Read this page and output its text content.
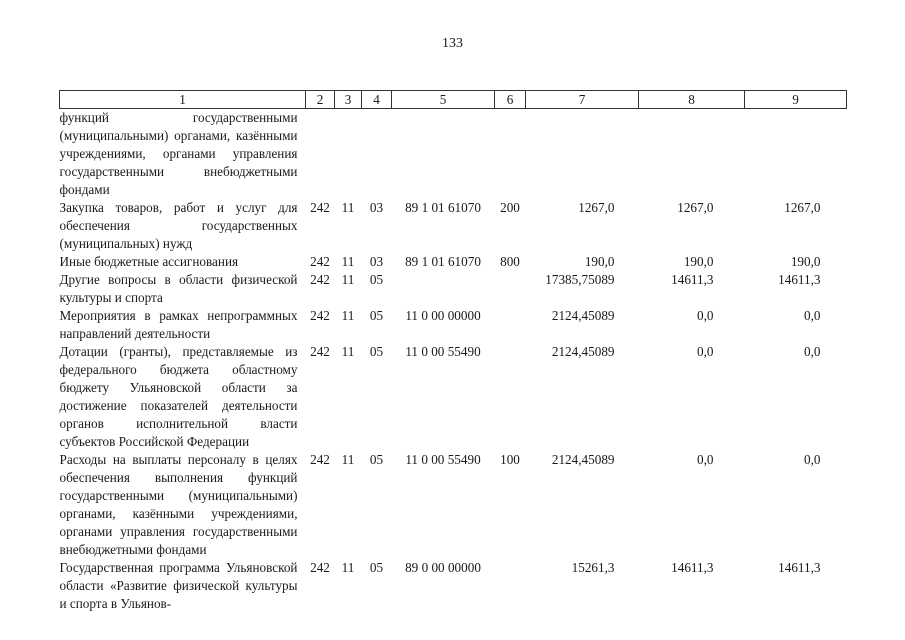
133
1	2	3	4	5	6	7	8	9
функций государственными (муниципальными) органами, казёнными учреждениями, органами управления государственными внебюджетными фондами								
Закупка товаров, работ и услуг для обеспечения государственных (муниципальных) нужд	242	11	03	89 1 01 61070	200	1267,0	1267,0	1267,0
Иные бюджетные ассигнования	242	11	03	89 1 01 61070	800	190,0	190,0	190,0
Другие вопросы в области физической культуры и спорта	242	11	05			17385,75089	14611,3	14611,3
Мероприятия в рамках непрограммных направлений деятельности	242	11	05	11 0 00 00000		2124,45089	0,0	0,0
Дотации (гранты), представляемые из федерального бюджета областному бюджету Ульяновской области за достижение показателей деятельности органов исполнительной власти субъектов Российской Федерации	242	11	05	11 0 00 55490		2124,45089	0,0	0,0
Расходы на выплаты персоналу в целях обеспечения выполнения функций государственными (муниципальными) органами, казёнными учреждениями, органами управления государственными внебюджетными фондами	242	11	05	11 0 00 55490	100	2124,45089	0,0	0,0
Государственная программа Ульяновской области «Развитие физической культуры и спорта в Ульянов-	242	11	05	89 0 00 00000		15261,3	14611,3	14611,3
